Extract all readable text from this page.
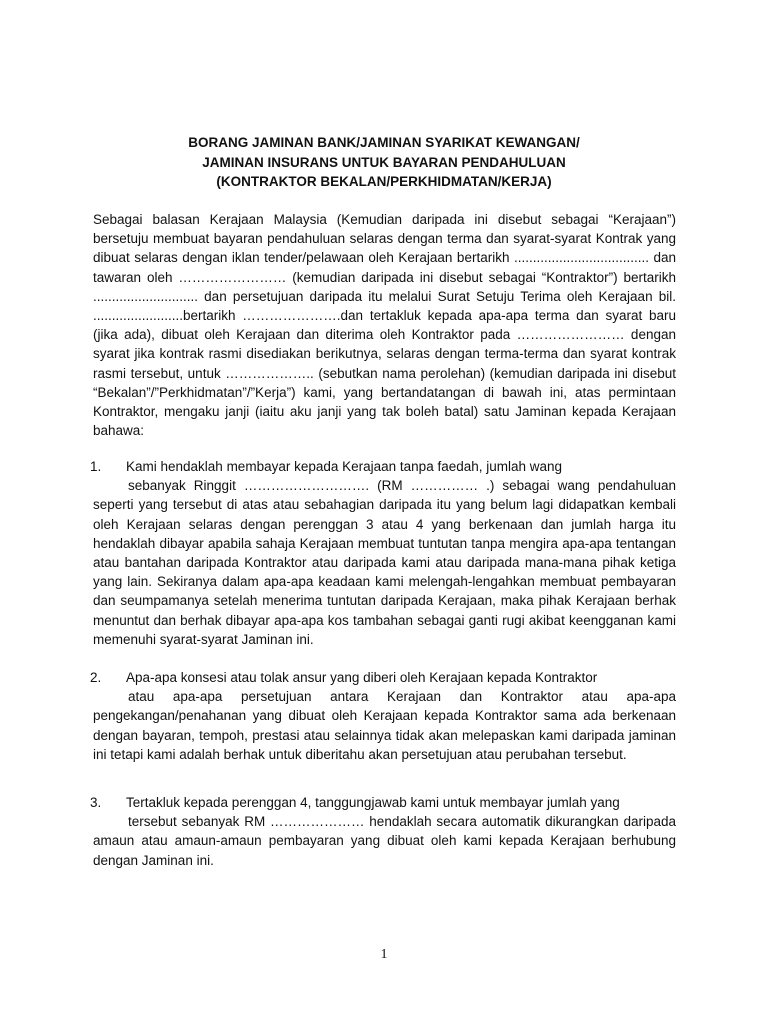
BORANG JAMINAN BANK/JAMINAN SYARIKAT KEWANGAN/
JAMINAN INSURANS UNTUK BAYARAN PENDAHULUAN
(KONTRAKTOR BEKALAN/PERKHIDMATAN/KERJA)
Sebagai balasan Kerajaan Malaysia (Kemudian daripada ini disebut sebagai “Kerajaan”) bersetuju membuat bayaran pendahuluan selaras dengan terma dan syarat-syarat Kontrak yang dibuat selaras dengan iklan tender/pelawaan oleh Kerajaan bertarikh .................................... dan tawaran oleh …………………… (kemudian daripada ini disebut sebagai “Kontraktor”) bertarikh ............................ dan persetujuan daripada itu melalui Surat Setuju Terima oleh Kerajaan bil. ........................bertarikh ………………….dan tertakluk kepada apa-apa terma dan syarat baru (jika ada), dibuat oleh Kerajaan dan diterima oleh Kontraktor pada …………………… dengan syarat jika kontrak rasmi disediakan berikutnya, selaras dengan terma-terma dan syarat kontrak rasmi tersebut, untuk ……………….. (sebutkan nama perolehan) (kemudian daripada ini disebut “Bekalan”/”Perkhidmatan”/”Kerja”) kami, yang bertandatangan di bawah ini, atas permintaan Kontraktor, mengaku janji (iaitu aku janji yang tak boleh batal) satu Jaminan kepada Kerajaan bahawa:
1.	Kami hendaklah membayar kepada Kerajaan tanpa faedah, jumlah wang
sebanyak Ringgit ………………………. (RM …………… .) sebagai wang pendahuluan seperti yang tersebut di atas atau sebahagian daripada itu yang belum lagi didapatkan kembali oleh Kerajaan selaras dengan perenggan 3 atau 4 yang berkenaan dan jumlah harga itu hendaklah dibayar apabila sahaja Kerajaan membuat tuntutan tanpa mengira apa-apa tentangan atau bantahan daripada Kontraktor atau daripada kami atau daripada mana-mana pihak ketiga yang lain. Sekiranya dalam apa-apa keadaan kami melengah-lengahkan membuat pembayaran dan seumpamanya setelah menerima tuntutan daripada Kerajaan, maka pihak Kerajaan berhak menuntut dan berhak dibayar apa-apa kos tambahan sebagai ganti rugi akibat keengganan kami memenuhi syarat-syarat Jaminan ini.
2.	Apa-apa konsesi atau tolak ansur yang diberi oleh Kerajaan kepada Kontraktor
atau apa-apa persetujuan antara Kerajaan dan Kontraktor atau apa-apa pengekangan/penahanan yang dibuat oleh Kerajaan kepada Kontraktor sama ada berkenaan dengan bayaran, tempoh, prestasi atau selainnya tidak akan melepaskan kami daripada jaminan ini tetapi kami adalah berhak untuk diberitahu akan persetujuan atau perubahan tersebut.
3.	Tertakluk kepada perenggan 4, tanggungjawab kami untuk membayar jumlah yang
tersebut sebanyak RM ………………… hendaklah secara automatik dikurangkan daripada amaun atau amaun-amaun pembayaran yang dibuat oleh kami kepada Kerajaan berhubung dengan Jaminan ini.
1
